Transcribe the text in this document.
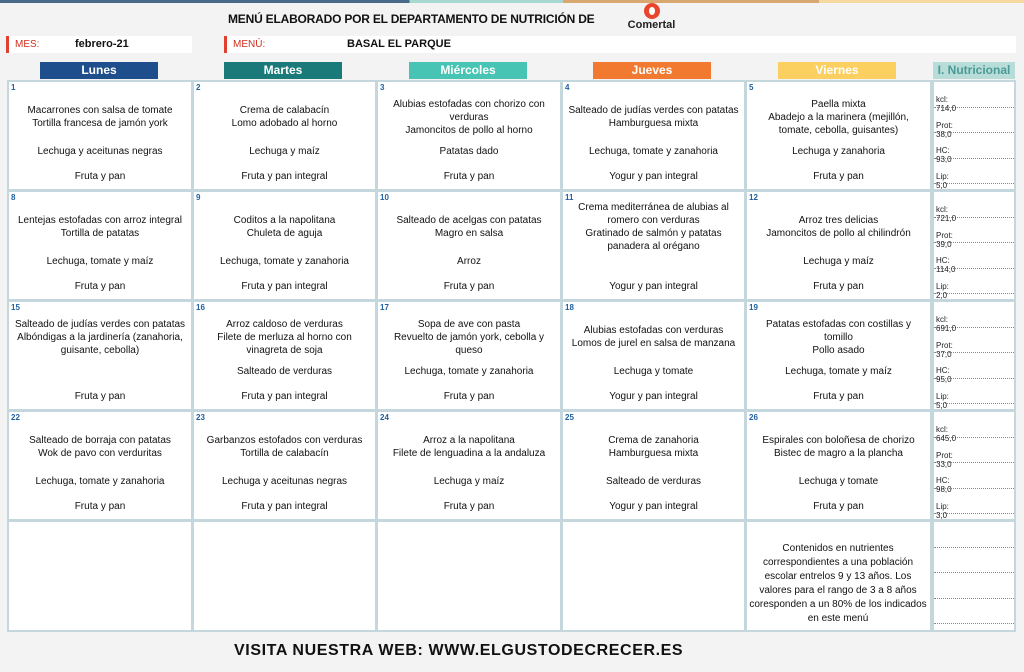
MENÚ ELABORADO POR EL DEPARTAMENTO DE NUTRICIÓN DE	Comertal
MES:	febrero-21	MENÚ:	BASAL EL PARQUE
Lunes	Martes	Miércoles	Jueves	Viernes	I. Nutricional
1
Macarrones con salsa de tomate
Tortilla francesa de jamón york
Lechuga y aceitunas negras
Fruta y pan
2
Crema de calabacín
Lomo adobado al horno
Lechuga y maíz
Fruta y pan integral
3
Alubias estofadas con chorizo con verduras
Jamoncitos de pollo al horno
Patatas dado
Fruta y pan
4
Salteado de judías verdes con patatas
Hamburguesa mixta
Lechuga, tomate y zanahoria
Yogur y pan integral
5
Paella mixta
Abadejo a la marinera (mejillón, tomate, cebolla, guisantes)
Lechuga y zanahoria
Fruta y pan
kcl:
714,0
Prot:
38,0
HC:
93,0
Lip:
5,0
8
Lentejas estofadas con arroz integral
Tortilla de patatas
Lechuga, tomate y maíz
Fruta y pan
9
Coditos a la napolitana
Chuleta de aguja
Lechuga, tomate y zanahoria
Fruta y pan integral
10
Salteado de acelgas con patatas
Magro en salsa
Arroz
Fruta y pan
11
Crema mediterránea de alubias al romero con verduras
Gratinado de salmón y patatas panadera al orégano
Yogur y pan integral
12
Arroz tres delicias
Jamoncitos de pollo al chilindrón
Lechuga y maíz
Fruta y pan
kcl:
721,0
Prot:
39,0
HC:
114,0
Lip:
2,0
15
Salteado de judías verdes con patatas
Albóndigas a la jardinería (zanahoria, guisante, cebolla)
Fruta y pan
16
Arroz caldoso de verduras
Filete de merluza al horno con vinagreta de soja
Salteado de verduras
Fruta y pan integral
17
Sopa de ave con pasta
Revuelto de jamón york, cebolla y queso
Lechuga, tomate y zanahoria
Fruta y pan
18
Alubias estofadas con verduras
Lomos de jurel en salsa de manzana
Lechuga y tomate
Yogur y pan integral
19
Patatas estofadas con costillas y tomillo
Pollo asado
Lechuga, tomate y maíz
Fruta y pan
kcl:
691,0
Prot:
37,0
HC:
95,0
Lip:
5,0
22
Salteado de borraja con patatas
Wok de pavo con verduritas
Lechuga, tomate y zanahoria
Fruta y pan
23
Garbanzos estofados con verduras
Tortilla de calabacín
Lechuga y aceitunas negras
Fruta y pan integral
24
Arroz a la napolitana
Filete de lenguadina a la andaluza
Lechuga y maíz
Fruta y pan
25
Crema de zanahoria
Hamburguesa mixta
Salteado de verduras
Yogur y pan integral
26
Espirales con boloñesa de chorizo
Bistec de magro a la plancha
Lechuga y tomate
Fruta y pan
kcl:
645,0
Prot:
33,0
HC:
98,0
Lip:
3,0
Contenidos en nutrientes correspondientes a una población escolar entrelos 9 y 13 años. Los valores para el rango de 3 a 8 años coresponden a un 80% de los indicados en este menú
VISITA NUESTRA WEB: WWW.ELGUSTODECRECER.ES
